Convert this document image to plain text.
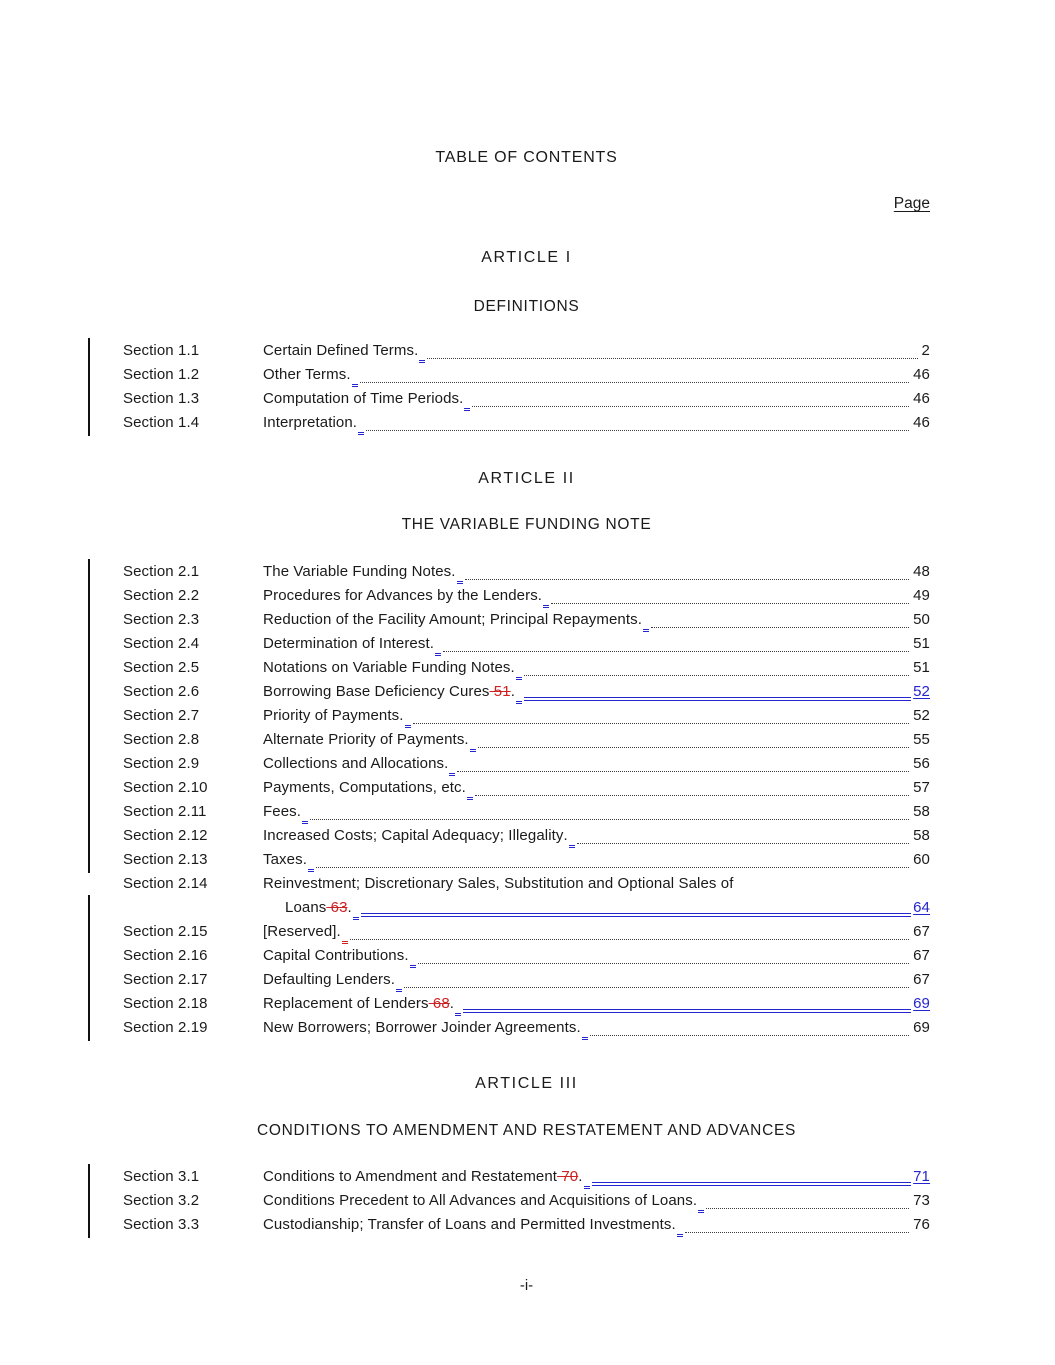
TABLE OF CONTENTS
Page
ARTICLE I
DEFINITIONS
Section 1.1	Certain Defined Terms .	2
Section 1.2	Other Terms .	46
Section 1.3	Computation of Time Periods .	46
Section 1.4	Interpretation .	46
ARTICLE II
THE VARIABLE FUNDING NOTE
Section 2.1	The Variable Funding Notes .	48
Section 2.2	Procedures for Advances by the Lenders .	49
Section 2.3	Reduction of the Facility Amount; Principal Repayments .	50
Section 2.4	Determination of Interest .	51
Section 2.5	Notations on Variable Funding Notes .	51
Section 2.6	Borrowing Base Deficiency Cures 51 .	52
Section 2.7	Priority of Payments .	52
Section 2.8	Alternate Priority of Payments .	55
Section 2.9	Collections and Allocations .	56
Section 2.10	Payments, Computations, etc .	57
Section 2.11	Fees .	58
Section 2.12	Increased Costs; Capital Adequacy; Illegality .	58
Section 2.13	Taxes .	60
Section 2.14	Reinvestment; Discretionary Sales, Substitution and Optional Sales of
Loans 63 .	64
Section 2.15	[Reserved] .	67
Section 2.16	Capital Contributions .	67
Section 2.17	Defaulting Lenders .	67
Section 2.18	Replacement of Lenders 68 .	69
Section 2.19	New Borrowers; Borrower Joinder Agreements .	69
ARTICLE III
CONDITIONS TO AMENDMENT AND RESTATEMENT AND ADVANCES
Section 3.1	Conditions to Amendment and Restatement 70 .	71
Section 3.2	Conditions Precedent to All Advances and Acquisitions of Loans .	73
Section 3.3	Custodianship; Transfer of Loans and Permitted Investments .	76
-i-
